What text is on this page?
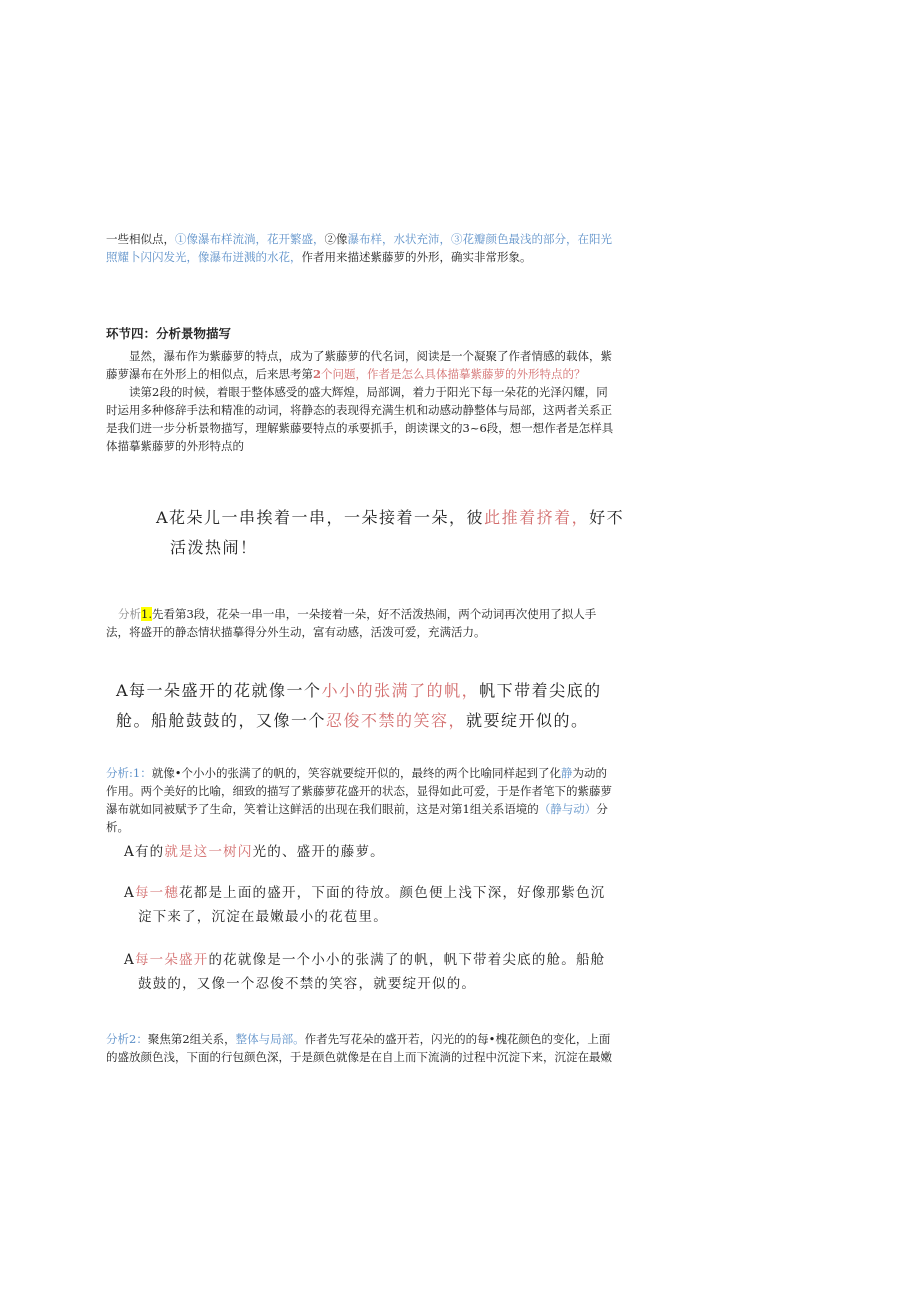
一些相似点，①像瀑布样流淌，花开繁盛，②像瀑布样，水状充沛，③花瓣颜色最浅的部分，在阳光照耀卜闪闪发光，像瀑布迸溅的水花，作者用来描述紫藤萝的外形，确实非常形象。

环节四：分析景物描写

显然，瀑布作为紫藤萝的特点，成为了紫藤萝的代名词，阅读是一个凝聚了作者情感的载体，紫藤萝瀑布在外形上的相似点，后来思考第2个问题，作者是怎么具体描摹紫藤萝的外形特点的？

读第2段的时候，着眼于整体感受的盛大辉煌，局部调，着力于阳光下每一朵花的光泽闪耀，同时运用多种修辞手法和精准的动词，将静态的表现得充满生机和动感动静整体与局部，这两者关系正是我们进一步分析景物描写，理解紫藤要特点的承要抓手，朗读课文的3~6段，想一想作者是怎样具体描摹紫藤萝的外形特点的

A花朵儿一串挨着一串，一朵接着一朵，彼此推着挤着，好不

活泼热闹！

分析1.先看第3段，花朵一串一串，一朵接着一朵，好不活泼热闹，两个动词再次使用了拟人手法，将盛开的静态情状描摹得分外生动，富有动感，活泼可爱，充满活力。

A每一朵盛开的花就像一个小小的张满了的帆，帆下带着尖底的

舱。船舱鼓鼓的，又像一个忍俊不禁的笑容，就要绽开似的。

分析:1：就像•个小小的张满了的帆的，笑容就要绽开似的，最终的两个比喻同样起到了化静为动的作用。两个美好的比喻，细致的描写了紫藤萝花盛开的状态，显得如此可爱，于是作者笔下的紫藤萝瀑布就如同被赋予了生命，笑着让这鲜活的出现在我们眼前，这是对第1组关系语境的（静与动）分析。

A有的就是这一树闪光的、盛开的藤萝。

A每一穗花都是上面的盛开，下面的待放。颜色便上浅下深，好像那紫色沉淀下来了，沉淀在最嫩最小的花苞里。

A每一朵盛开的花就像是一个小小的张满了的帆，帆下带着尖底的舱。船舱鼓鼓的，又像一个忍俊不禁的笑容，就要绽开似的。

分析2：聚焦第2组关系，整体与局部。作者先写花朵的盛开若，闪光的的每•槐花颜色的变化，上面的盛放颜色浅，下面的行包颜色深，于是颜色就像是在自上而下流淌的过程中沉淀下来，沉淀在最嫩
